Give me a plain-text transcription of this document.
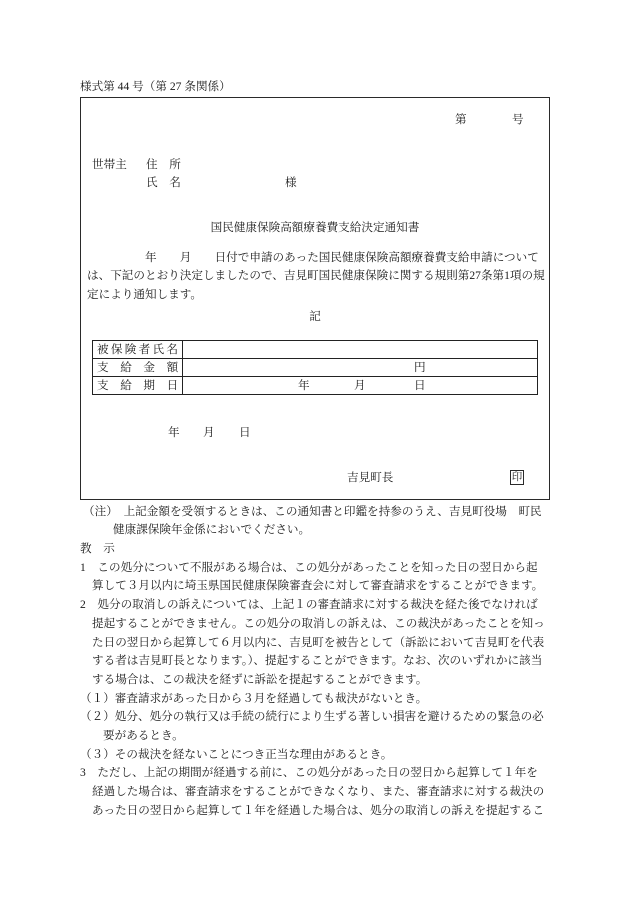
様式第 44 号（第 27 条関係）
第	号
世帯主 住　所
氏　名	様
国民健康保険高額療養費支給決定通知書
年　　月　　日付で申請のあった国民健康保険高額療養費支給申請について
は、下記のとおり決定しましたので、吉見町国民健康保険に関する規則第27条第1項の規
定により通知します。
記
被保険者氏名	
支　給　金　額	円

支　給　期　日	年 月 日
年 月 日
吉見町長	印
（注）　上記金額を受領するときは、この通知書と印鑑を持参のうえ、吉見町役場　町民
健康課保険年金係においでください。
教　示
1　この処分について不服がある場合は、この処分があったことを知った日の翌日から起
算して３月以内に埼玉県国民健康保険審査会に対して審査請求をすることができます。
2　処分の取消しの訴えについては、上記１の審査請求に対する裁決を経た後でなければ
提起することができません。この処分の取消しの訴えは、この裁決があったことを知っ
た日の翌日から起算して６月以内に、吉見町を被告として（訴訟において吉見町を代表
する者は吉見町長となります。）、提起することができます。なお、次のいずれかに該当
する場合は、この裁決を経ずに訴訟を提起することができます。
（１）審査請求があった日から３月を経過しても裁決がないとき。
（２）処分、処分の執行又は手続の続行により生ずる著しい損害を避けるための緊急の必
要があるとき。
（３）その裁決を経ないことにつき正当な理由があるとき。
3　ただし、上記の期間が経過する前に、この処分があった日の翌日から起算して１年を
経過した場合は、審査請求をすることができなくなり、また、審査請求に対する裁決の
あった日の翌日から起算して１年を経過した場合は、処分の取消しの訴えを提起するこ
